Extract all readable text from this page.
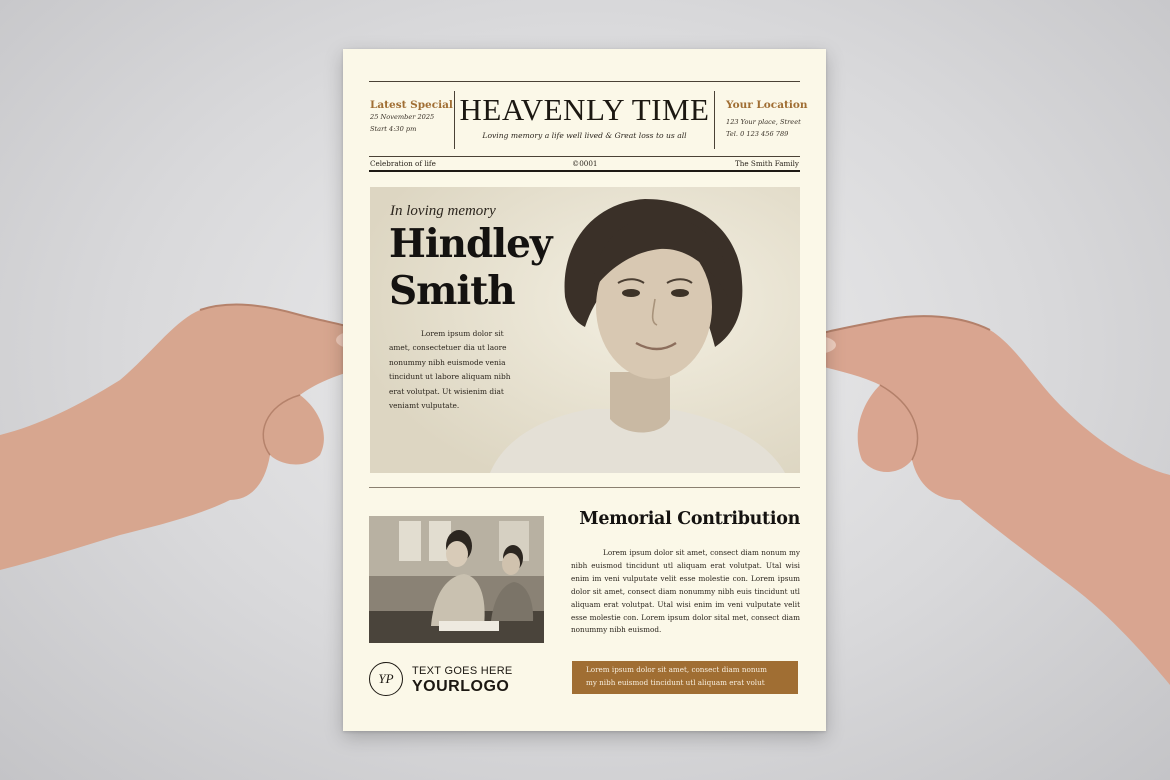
Latest Special
25 November 2025
Start 4:30 pm
HEAVENLY TIME
Loving memory a life well lived & Great loss to us all
Your Location
123 Your place, Street
Tel. 0 123 456 789
Celebration of life	©0001	The Smith Family
In loving memory
Hindley
Smith
Lorem ipsum dolor sit amet, consectetuer dia ut laore nonummy nibh euismode venia tincidunt ut labore aliquam nibh erat volutpat. Ut wisienim diat veniamt vulputate.
Memorial Contribution
Lorem ipsum dolor sit amet, consect diam nonum my nibh euismod tincidunt utl aliquam erat volutpat. Utal wisi enim im veni vulputate velit esse molestie con. Lorem ipsum dolor sit amet, consect diam nonummy nibh euis tincidunt utl aliquam erat volutpat. Utal wisi enim im veni vulputate velit esse molestie con. Lorem ipsum dolor sital met, consect diam nonummy nibh euismod.
YP	TEXT GOES HERE
YOURLOGO
Lorem ipsum dolor sit amet, consect diam nonum
my nibh euismod tincidunt utl aliquam erat volut
